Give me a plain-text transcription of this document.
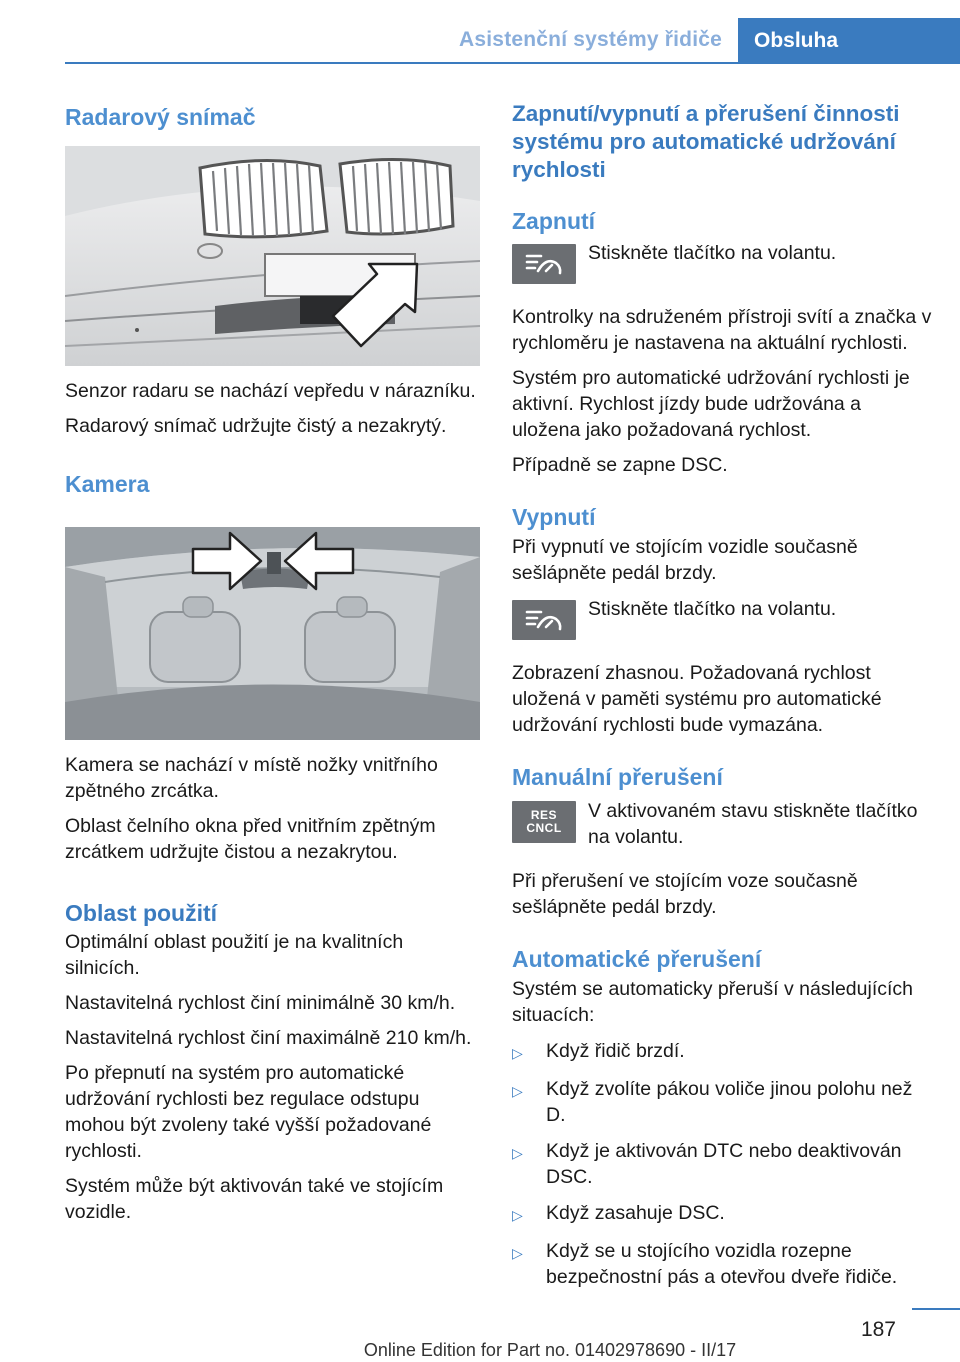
Asistenční systémy řidiče	Obsluha
Radarový snímač
Senzor radaru se nachází vepředu v nárazníku.
Radarový snímač udržujte čistý a nezakrytý.
Kamera
Kamera se nachází v místě nožky vnitřního zpětného zrcátka.
Oblast čelního okna před vnitřním zpětným zrcátkem udržujte čistou a nezakrytou.
Oblast použití
Optimální oblast použití je na kvalitních silnicích.
Nastavitelná rychlost činí minimálně 30 km/h.
Nastavitelná rychlost činí maximálně 210 km/h.
Po přepnutí na systém pro automatické udržování rychlosti bez regulace odstupu mohou být zvoleny také vyšší požadované rychlosti.
Systém může být aktivován také ve stojícím vozidle.
Zapnutí/vypnutí a přerušení činnosti systému pro automatické udržování rychlosti
Zapnutí
Stiskněte tlačítko na volantu.
Kontrolky na sdruženém přístroji svítí a značka v rychloměru je nastavena na aktuální rychlosti.
Systém pro automatické udržování rychlosti je aktivní. Rychlost jízdy bude udržována a uložena jako požadovaná rychlost.
Případně se zapne DSC.
Vypnutí
Při vypnutí ve stojícím vozidle současně sešlápněte pedál brzdy.
Stiskněte tlačítko na volantu.
Zobrazení zhasnou. Požadovaná rychlost uložená v paměti systému pro automatické udržování rychlosti bude vymazána.
Manuální přerušení
RES
CNCL
V aktivovaném stavu stiskněte tlačítko na volantu.
Při přerušení ve stojícím voze současně sešlápněte pedál brzdy.
Automatické přerušení
Systém se automaticky přeruší v následujících situacích:
▷	Když řidič brzdí.
▷	Když zvolíte pákou voliče jinou polohu než D.
▷	Když je aktivován DTC nebo deaktivován DSC.
▷	Když zasahuje DSC.
▷	Když se u stojícího vozidla rozepne bezpečnostní pás a otevřou dveře řidiče.
187
Online Edition for Part no. 01402978690 - II/17
